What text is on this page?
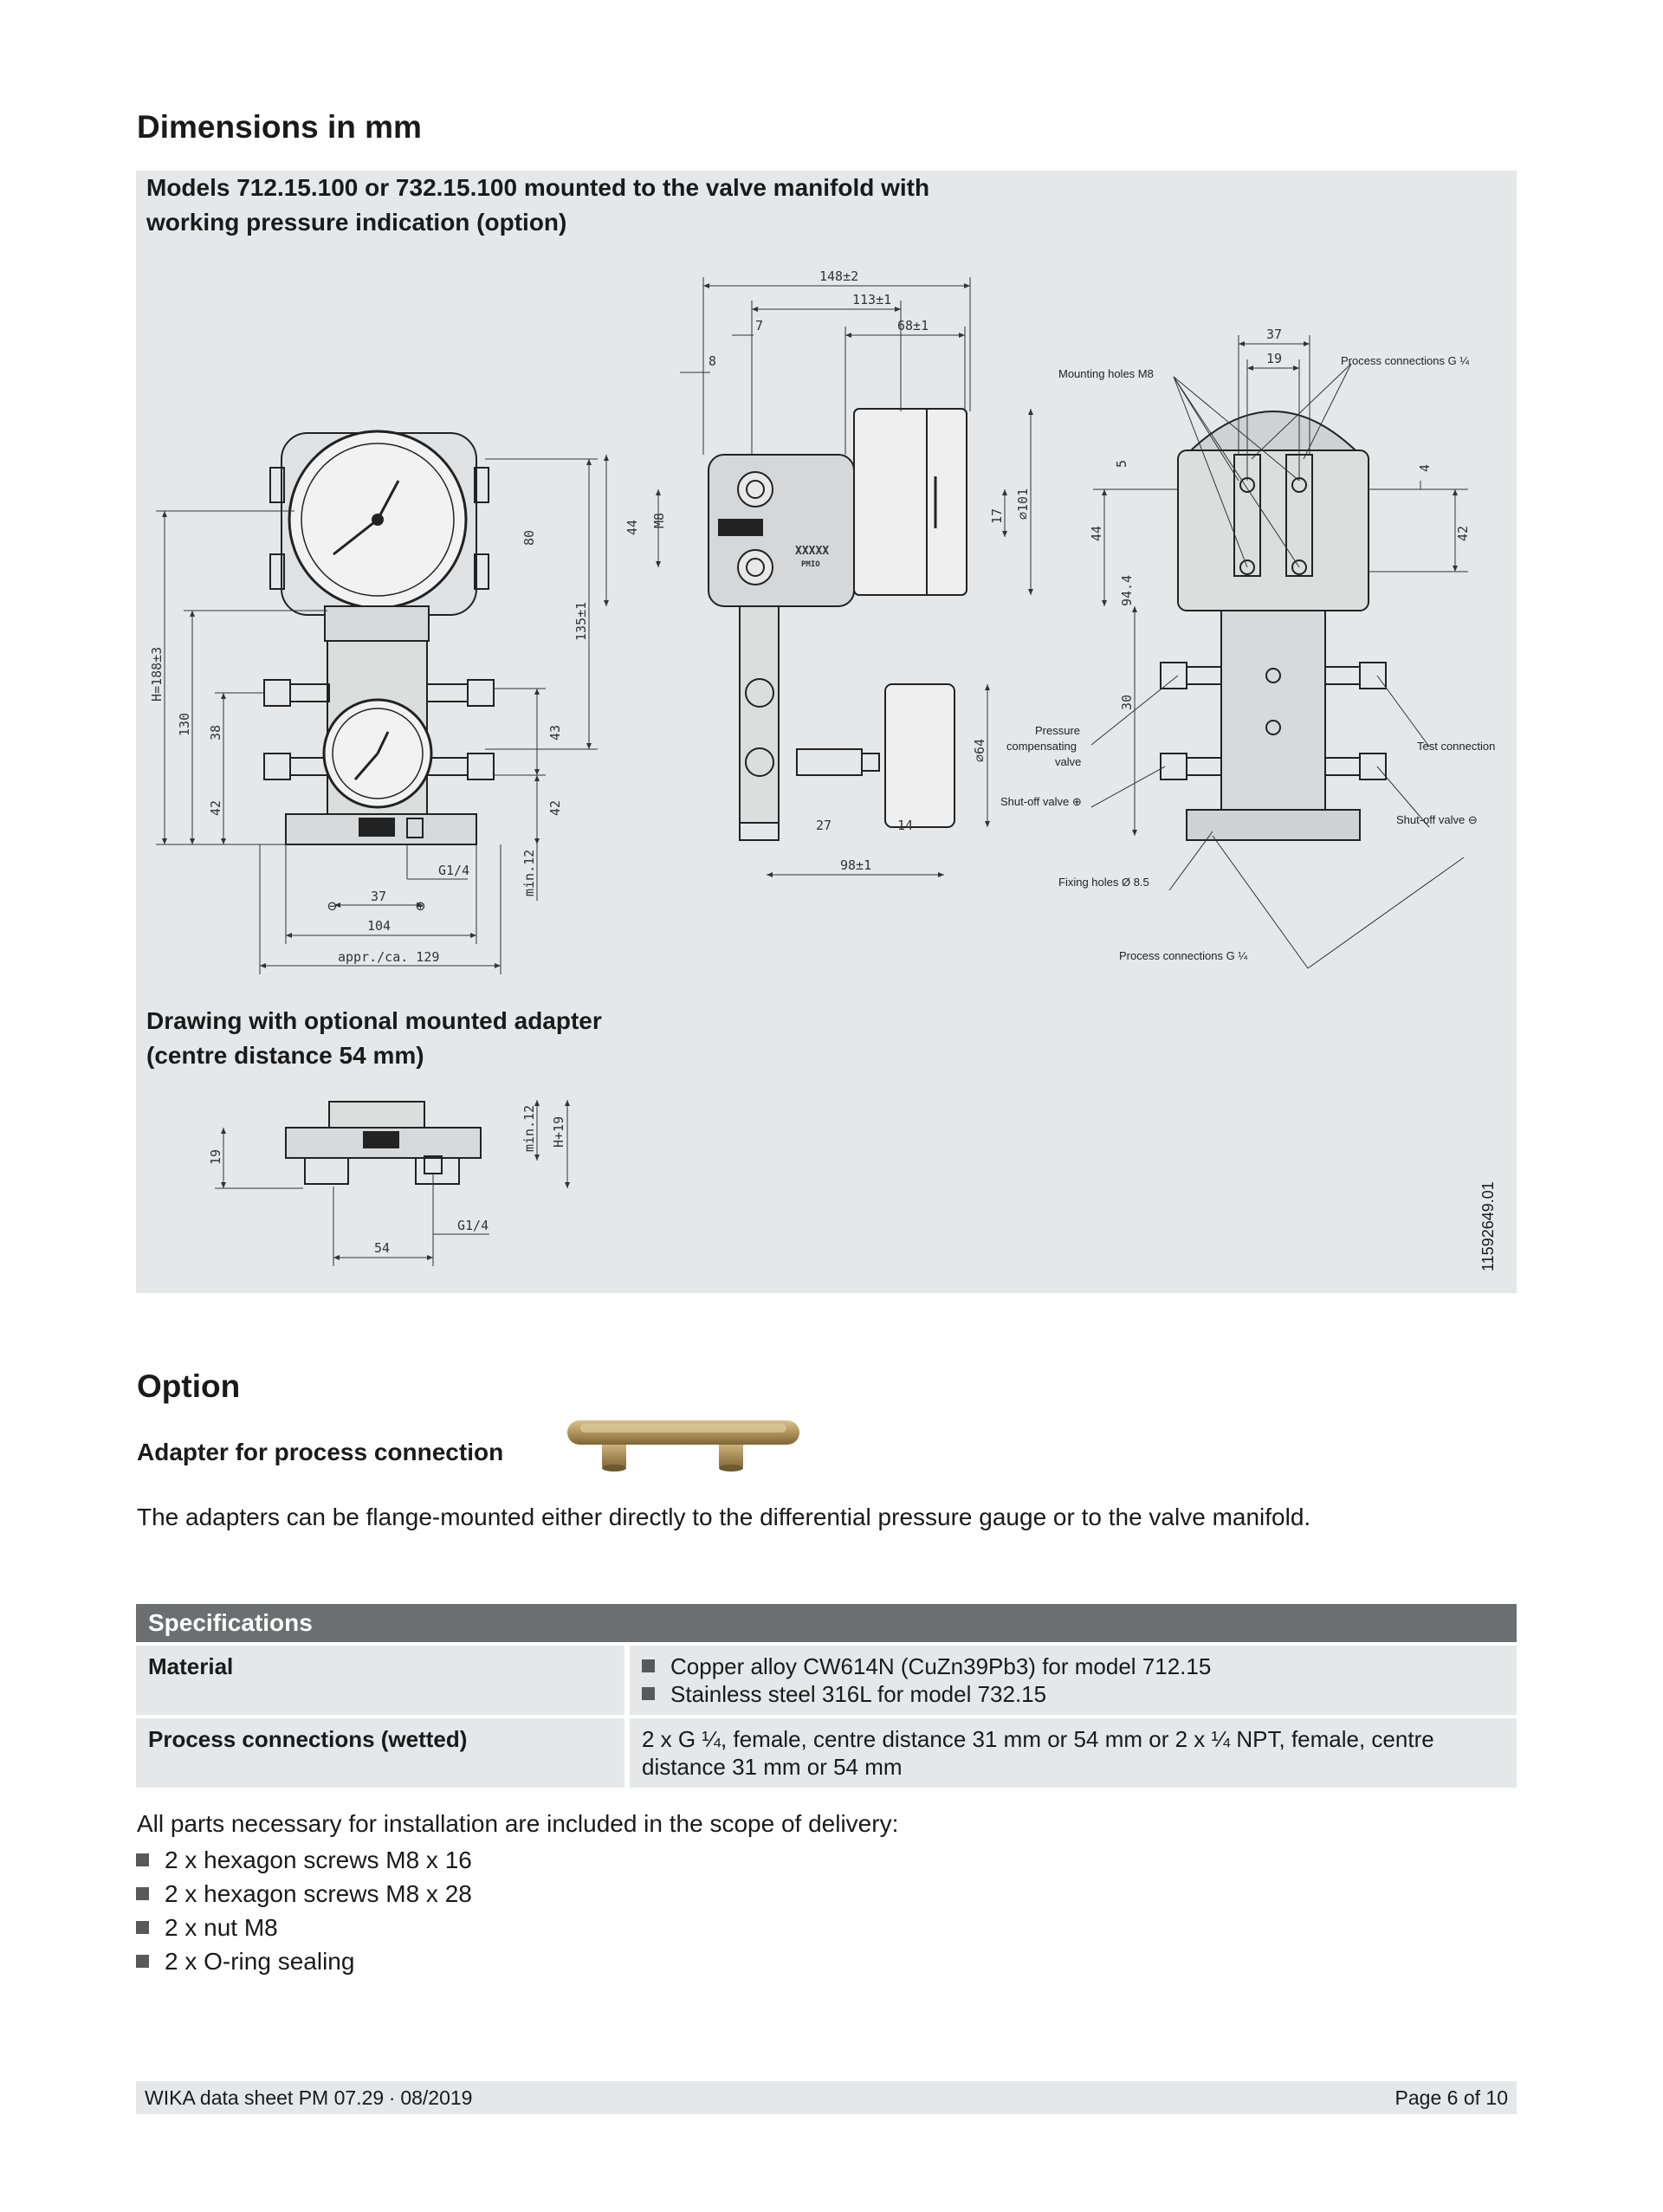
Dimensions in mm
Models 712.15.100 or 732.15.100 mounted to the valve manifold with
working pressure indication (option)
Drawing with optional mounted adapter
(centre distance 54 mm)
H=188±3
130 38
42
80
135±1
43
42
min.12
G1/4
37
104
appr./ca. 129
⊖	⊕
148±2
113±1
68±1
7
8
44 M8	17 ⌀101
⌀64
27	14
98±1
XXXXX
PMIO
37
19
5
4
42
44
94.4
30
Mounting holes M8
Process connections G ¼
Pressure
compensating
valve
Test connection
Shut-off valve ⊕
Shut-off valve ⊖
Fixing holes Ø 8.5
Process connections G ¼
19
min.12 H+19
G1/4
54	11592649.01
Option
Adapter for process connection
The adapters can be flange-mounted either directly to the differential pressure gauge or to the valve manifold.
Specifications	
Material	Copper alloy CW614N (CuZn39Pb3) for model 712.15
Stainless steel 316L for model 732.15

Process connections (wetted)	2 x G ¼, female, centre distance 31 mm or 54 mm or 2 x ¼ NPT, female, centre distance 31 mm or 54 mm
All parts necessary for installation are included in the scope of delivery:
2 x hexagon screws M8 x 16
2 x hexagon screws M8 x 28
2 x nut M8
2 x O-ring sealing
WIKA data sheet PM 07.29 ∙ 08/2019	Page 6 of 10
